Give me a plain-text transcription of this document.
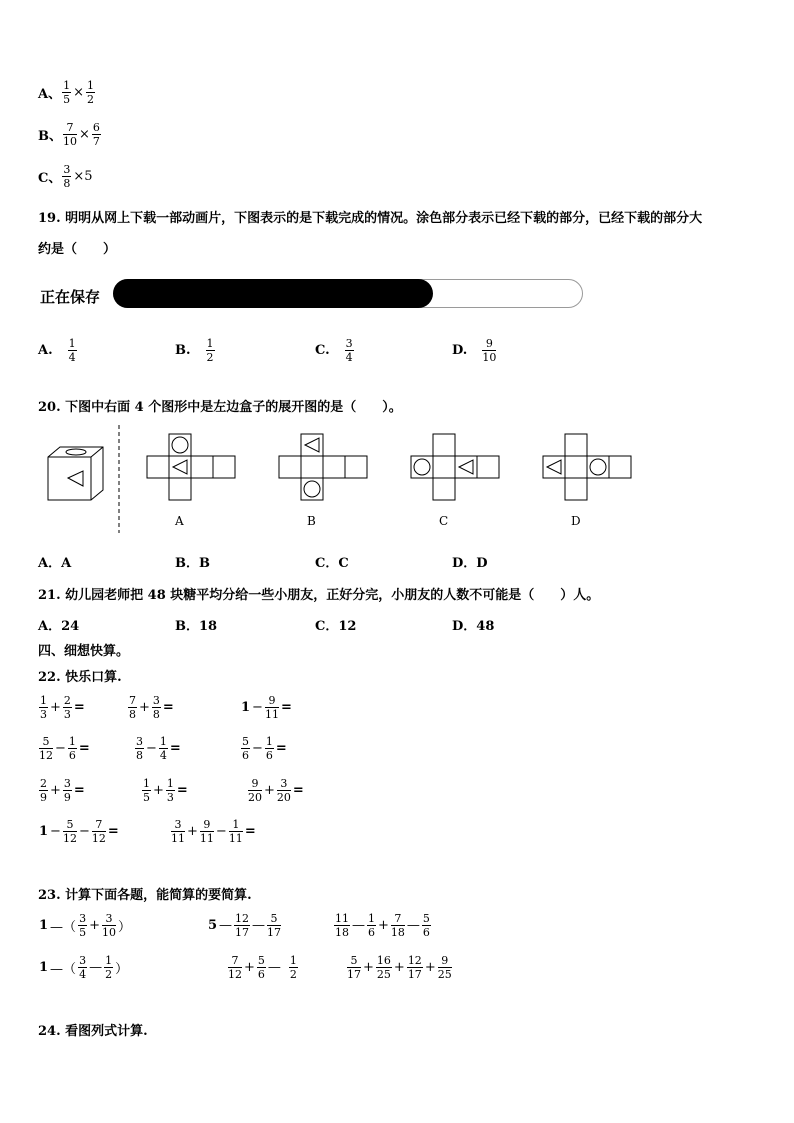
A、 $\frac{1}{5} \times \frac{1}{2}$
B、 $\frac{7}{10} \times \frac{6}{7}$
C、 $\frac{3}{8} \times 5$
19. 明明从网上下载一部动画片，下图表示的是下载完成的情况。涂色部分表示已经下载的部分，已经下载的部分大
约是（　　）
正在保存
A. $\frac{1}{4}$	B. $\frac{1}{2}$	C. $\frac{3}{4}$	D. $\frac{9}{10}$
20. 下图中右面 4 个图形中是左边盒子的展开图的是（　　）。
A	B	C	D
A．A	B．B	C．C	D．D
21. 幼儿园老师把 48 块糖平均分给一些小朋友，正好分完，小朋友的人数不可能是（　　）人。
A．24	B．18	C．12	D．48
四、细想快算。
22. 快乐口算.
$\frac{1}{3} + \frac{2}{3}$ =	$\frac{7}{8} + \frac{3}{8}$ =	$1 - \frac{9}{11}$ =
$\frac{5}{12} - \frac{1}{6}$ =	$\frac{3}{8} - \frac{1}{4}$ =	$\frac{5}{6} - \frac{1}{6}$ =
$\frac{2}{9} + \frac{3}{9}$ =	$\frac{1}{5} + \frac{1}{3}$ =	$\frac{9}{20} + \frac{3}{20}$ =
$1 - \frac{5}{12} - \frac{7}{12}$ =	$\frac{3}{11} + \frac{9}{11} - \frac{1}{11}$ =
23. 计算下面各题，能简算的要简算.
1 —（ $\frac{3}{5} + \frac{3}{10}$ ）	5 — $\frac{12}{17}$ — $\frac{5}{17}$	$\frac{11}{18}$ — $\frac{1}{6} + \frac{7}{18}$ — $\frac{5}{6}$
1 —（ $\frac{3}{4}$ — $\frac{1}{2}$ ）	$\frac{7}{12} + \frac{5}{6}$ — $\frac{1}{2}$	$\frac{5}{17} + \frac{16}{25} + \frac{12}{17} + \frac{9}{25}$
24. 看图列式计算.
